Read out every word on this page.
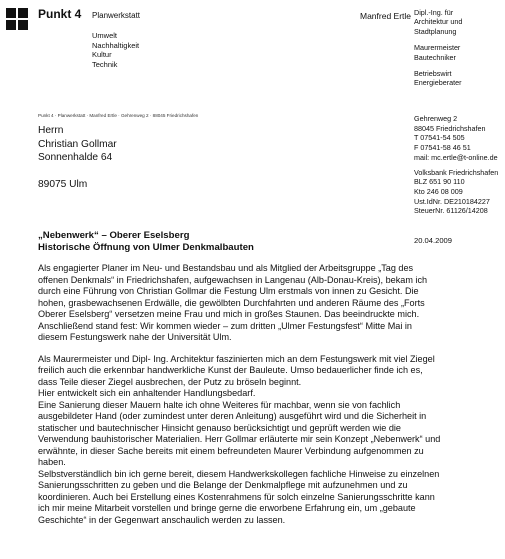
Punkt 4 Planwerkstatt
Umwelt
Nachhaltigkeit
Kultur
Technik
Manfred Ertle Dipl.-Ing. für
Architektur und
Stadtplanung
Maurermeister
Bautechniker
Betriebswirt
Energieberater
Punkt 4 · Planwerkstatt · Manfred Ertle · Gehrenweg 2 · 88045 Friedrichshafen
Herrn
Christian Gollmar
Sonnenhalde 64
89075 Ulm
Gehrenweg 2
88045 Friedrichshafen
T 07541-54 505
F 07541-58 46 51
mail: mc.ertle@t-online.de
Volksbank Friedrichshafen
BLZ 651 90 110
Kto 246 08 009
Ust.IdNr. DE210184227
SteuerNr. 61126/14208
„Nebenwerk“ – Oberer Eselsberg
Historische Öffnung von Ulmer Denkmalbauten
20.04.2009

Als engagierter Planer im Neu- und Bestandsbau und als Mitglied der Arbeitsgruppe „Tag des

offenen Denkmals“ in Friedrichshafen, aufgewachsen in Langenau (Alb-Donau-Kreis), bekam ich

durch eine Führung von Christian Gollmar die Festung Ulm erstmals von innen zu Gesicht. Die

hohen, grasbewachsenen Erdwälle, die gewölbten Durchfahrten und anderen Räume des „Forts

Oberer Eselsberg“ versetzen meine Frau und mich in großes Staunen. Das beeindruckte mich.

Anschließend stand fest: Wir kommen wieder – zum dritten „Ulmer Festungsfest“ Mitte Mai in

diesem Festungswerk nahe der Universität Ulm.

Als Maurermeister und Dipl- Ing. Architektur faszinierten mich an dem Festungswerk mit viel Ziegel

freilich auch die erkennbar handwerkliche Kunst der Bauleute. Umso bedauerlicher finde ich es,

dass Teile dieser Ziegel ausbrechen, der Putz zu bröseln beginnt.

Hier entwickelt sich ein anhaltender Handlungsbedarf.

Eine Sanierung dieser Mauern halte ich ohne Weiteres für machbar, wenn sie von fachlich

ausgebildeter Hand (oder zumindest unter deren Anleitung) ausgeführt wird und die Sicherheit in

statischer und bautechnischer Hinsicht genauso berücksichtigt und geprüft werden wie die

Verwendung bauhistorischer Materialien. Herr Gollmar erläuterte mir sein Konzept „Nebenwerk“ und

erwähnte, in dieser Sache bereits mit einem befreundeten Maurer Verbindung aufgenommen zu

haben.

Selbstverständlich bin ich gerne bereit, diesem Handwerkskollegen fachliche Hinweise zu einzelnen

Sanierungsschritten zu geben und die Belange der Denkmalpflege mit aufzunehmen und zu

koordinieren. Auch bei Erstellung eines Kostenrahmens für solch einzelne Sanierungsschritte kann

ich mir meine Mitarbeit vorstellen und bringe gerne die erworbene Erfahrung ein, um „gebaute

Geschichte“ in der Gegenwart anschaulich werden zu lassen.
